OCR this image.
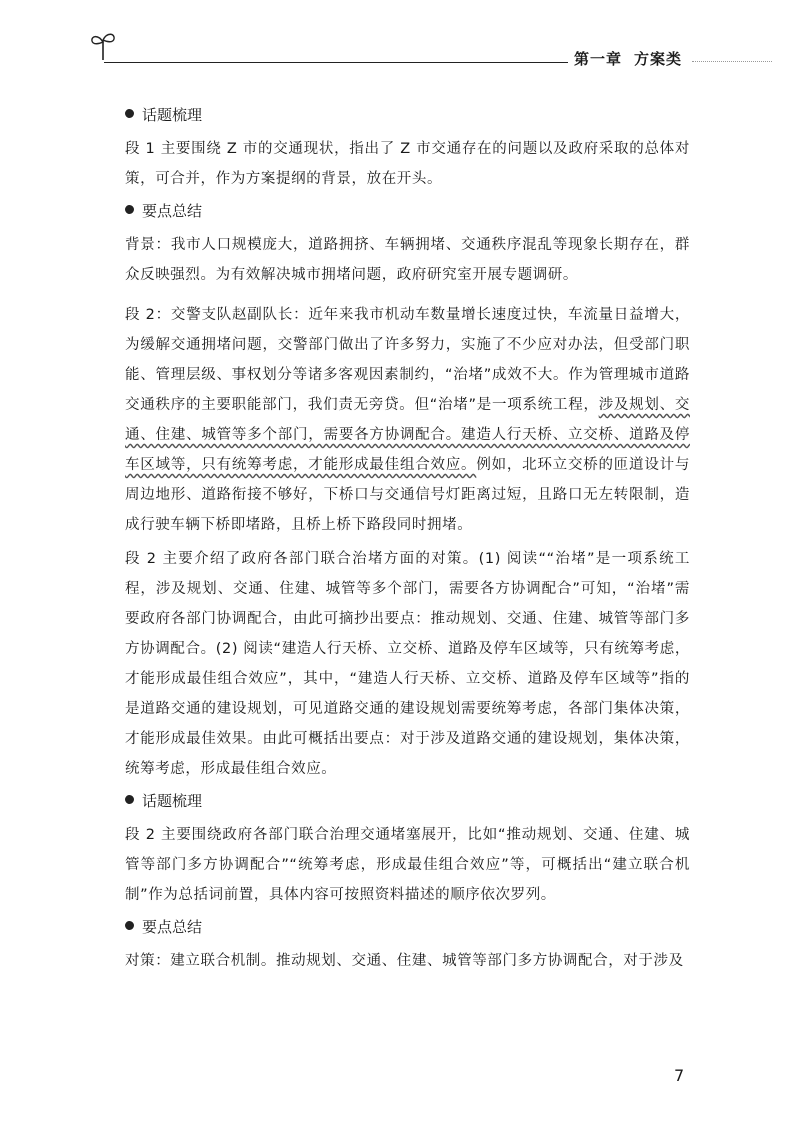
第一章 方案类
话题梳理

段 1 主要围绕 Z 市的交通现状，指出了 Z 市交通存在的问题以及政府采取的总体对策，可合并，作为方案提纲的背景，放在开头。

要点总结

背景：我市人口规模庞大，道路拥挤、车辆拥堵、交通秩序混乱等现象长期存在，群众反映强烈。为有效解决城市拥堵问题，政府研究室开展专题调研。

段 2：交警支队赵副队长：近年来我市机动车数量增长速度过快，车流量日益增大，为缓解交通拥堵问题，交警部门做出了许多努力，实施了不少应对办法，但受部门职能、管理层级、事权划分等诸多客观因素制约，“治堵”成效不大。作为管理城市道路交通秩序的主要职能部门，我们责无旁贷。但“治堵”是一项系统工程，涉及规划、交通、住建、城管等多个部门，需要各方协调配合。建造人行天桥、立交桥、道路及停车区域等，只有统筹考虑，才能形成最佳组合效应。例如，北环立交桥的匝道设计与周边地形、道路衔接不够好，下桥口与交通信号灯距离过短，且路口无左转限制，造成行驶车辆下桥即堵路，且桥上桥下路段同时拥堵。

段 2 主要介绍了政府各部门联合治堵方面的对策。(1) 阅读““治堵”是一项系统工程，涉及规划、交通、住建、城管等多个部门，需要各方协调配合”可知，“治堵”需要政府各部门协调配合，由此可摘抄出要点：推动规划、交通、住建、城管等部门多方协调配合。(2) 阅读“建造人行天桥、立交桥、道路及停车区域等，只有统筹考虑，才能形成最佳组合效应”，其中，“建造人行天桥、立交桥、道路及停车区域等”指的是道路交通的建设规划，可见道路交通的建设规划需要统筹考虑，各部门集体决策，才能形成最佳效果。由此可概括出要点：对于涉及道路交通的建设规划，集体决策，统筹考虑，形成最佳组合效应。

话题梳理

段 2 主要围绕政府各部门联合治理交通堵塞展开，比如“推动规划、交通、住建、城管等部门多方协调配合”“统筹考虑，形成最佳组合效应”等，可概括出“建立联合机制”作为总括词前置，具体内容可按照资料描述的顺序依次罗列。

要点总结

对策：建立联合机制。推动规划、交通、住建、城管等部门多方协调配合，对于涉及

7
